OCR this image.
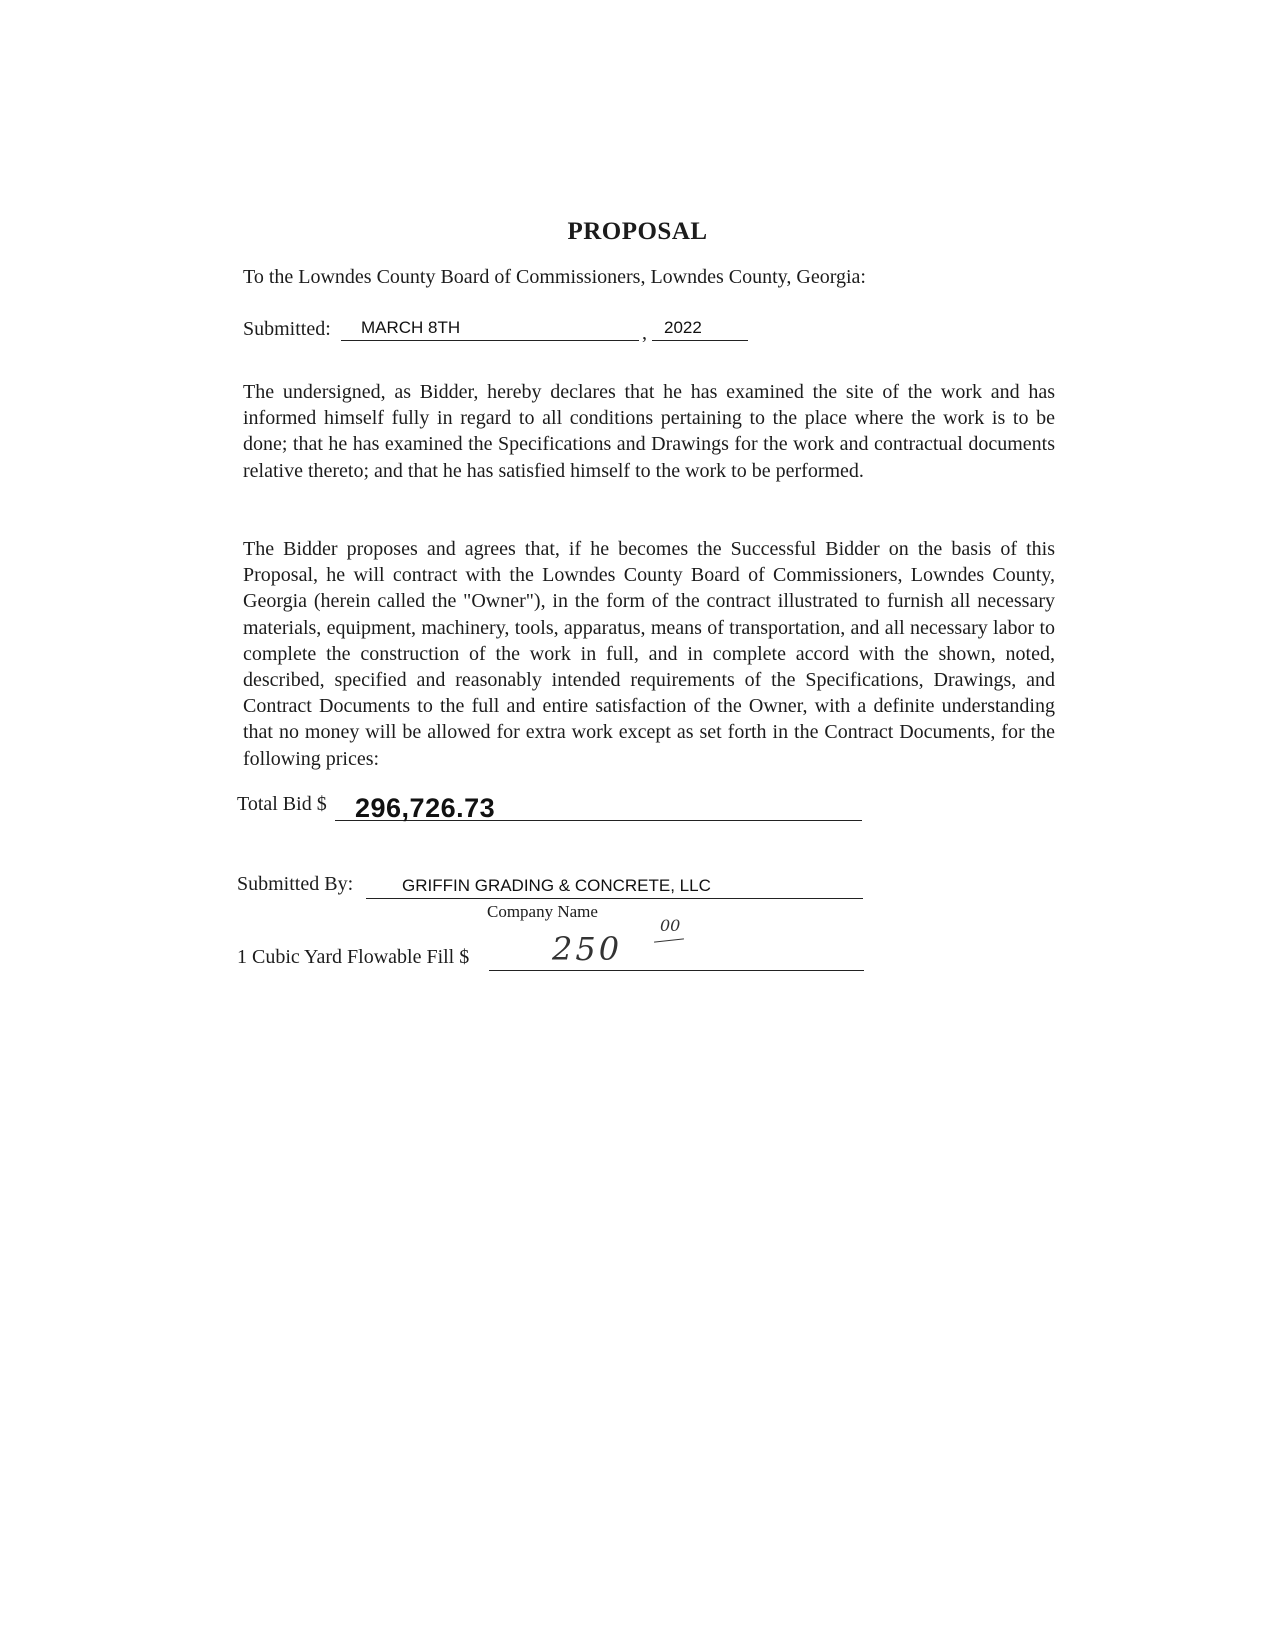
PROPOSAL
To the Lowndes County Board of Commissioners, Lowndes County, Georgia:
Submitted: MARCH 8TH	, 2022
The undersigned, as Bidder, hereby declares that he has examined the site of the work and has informed himself fully in regard to all conditions pertaining to the place where the work is to be done; that he has examined the Specifications and Drawings for the work and contractual documents relative thereto; and that he has satisfied himself to the work to be performed.
The Bidder proposes and agrees that, if he becomes the Successful Bidder on the basis of this Proposal, he will contract with the Lowndes County Board of Commissioners, Lowndes County, Georgia (herein called the "Owner"), in the form of the contract illustrated to furnish all necessary materials, equipment, machinery, tools, apparatus, means of transportation, and all necessary labor to complete the construction of the work in full, and in complete accord with the shown, noted, described, specified and reasonably intended requirements of the Specifications, Drawings, and Contract Documents to the full and entire satisfaction of the Owner, with a definite understanding that no money will be allowed for extra work except as set forth in the Contract Documents, for the following prices:
Total Bid $ 296,726.73
Submitted By:	GRIFFIN GRADING & CONCRETE, LLC
Company Name
1 Cubic Yard Flowable Fill $	250
00
